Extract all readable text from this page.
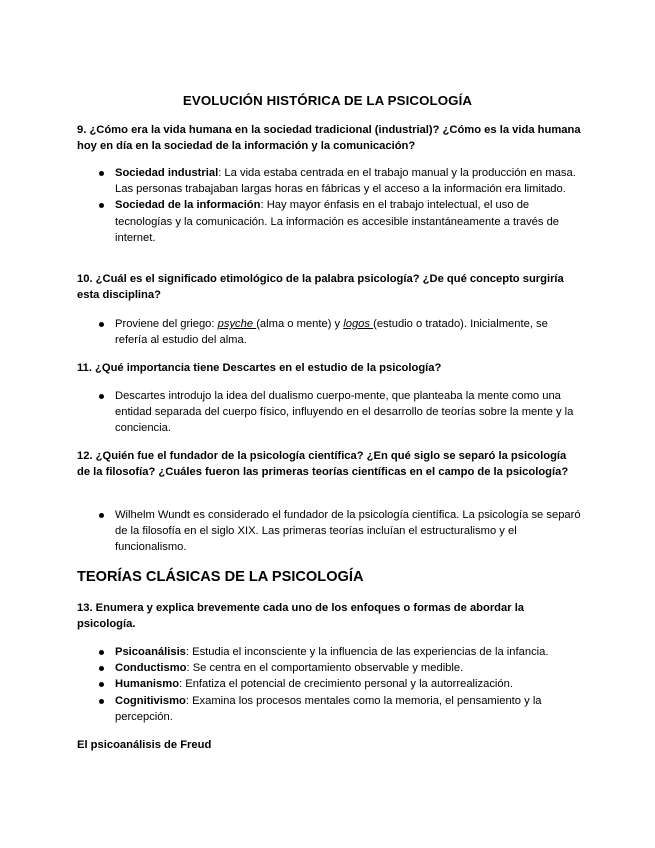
EVOLUCIÓN HISTÓRICA DE LA PSICOLOGÍA
9. ¿Cómo era la vida humana en la sociedad tradicional (industrial)? ¿Cómo es la vida humana hoy en día en la sociedad de la información y la comunicación?
Sociedad industrial: La vida estaba centrada en el trabajo manual y la producción en masa. Las personas trabajaban largas horas en fábricas y el acceso a la información era limitado.
Sociedad de la información: Hay mayor énfasis en el trabajo intelectual, el uso de tecnologías y la comunicación. La información es accesible instantáneamente a través de internet.
10. ¿Cuál es el significado etimológico de la palabra psicología? ¿De qué concepto surgiría esta disciplina?
Proviene del griego: psyche (alma o mente) y logos (estudio o tratado). Inicialmente, se refería al estudio del alma.
11. ¿Qué importancia tiene Descartes en el estudio de la psicología?
Descartes introdujo la idea del dualismo cuerpo-mente, que planteaba la mente como una entidad separada del cuerpo físico, influyendo en el desarrollo de teorías sobre la mente y la conciencia.
12. ¿Quién fue el fundador de la psicología científica? ¿En qué siglo se separó la psicología de la filosofía? ¿Cuáles fueron las primeras teorías científicas en el campo de la psicología?
Wilhelm Wundt es considerado el fundador de la psicología científica. La psicología se separó de la filosofía en el siglo XIX. Las primeras teorías incluían el estructuralismo y el funcionalismo.
TEORÍAS CLÁSICAS DE LA PSICOLOGÍA
13. Enumera y explica brevemente cada uno de los enfoques o formas de abordar la psicología.
Psicoanálisis: Estudia el inconsciente y la influencia de las experiencias de la infancia.
Conductismo: Se centra en el comportamiento observable y medible.
Humanismo: Enfatiza el potencial de crecimiento personal y la autorrealización.
Cognitivismo: Examina los procesos mentales como la memoria, el pensamiento y la percepción.
El psicoanálisis de Freud
